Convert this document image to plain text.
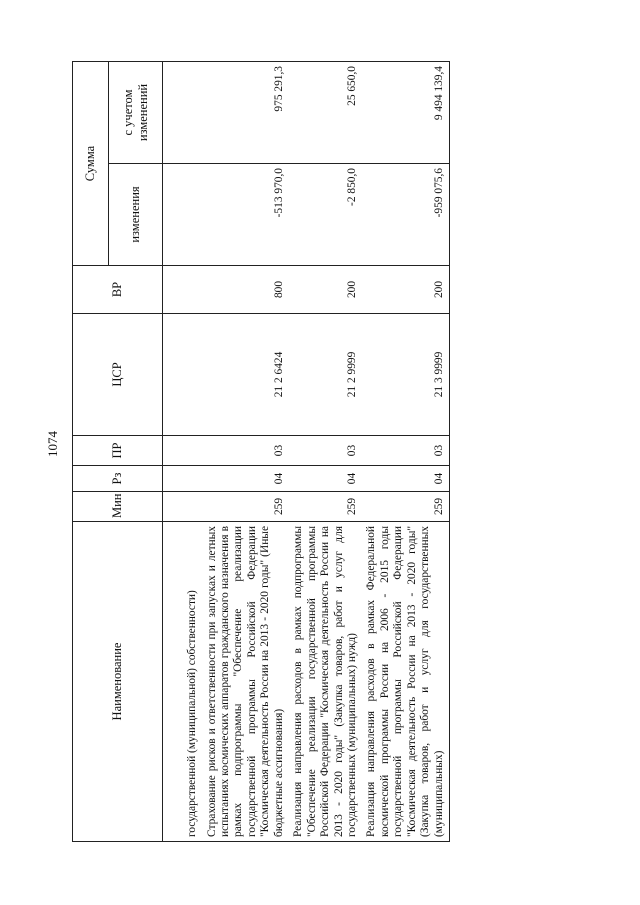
1074
Наименование	Мин	Рз	ПР	ЦСР	ВР	Сумма	
						изменения	с учетом изменений
государственной (муниципальной) собственности)							
Страхование рисков и ответственности при запусках и летных испытаниях космических аппаратов гражданского назначения в рамках подпрограммы "Обеспечение реализации государственной программы Российской Федерации "Космическая деятельность России на 2013 - 2020 годы" (Иные бюджетные ассигнования)	259	04	03	21 2 6424	800	-513 970,0	975 291,3
Реализация направления расходов в рамках подпрограммы "Обеспечение реализации государственной программы Российской Федерации "Космическая деятельность России на 2013 - 2020 годы" (Закупка товаров, работ и услуг для государственных (муниципальных) нужд)	259	04	03	21 2 9999	200	-2 850,0	25 650,0
Реализация направления расходов в рамках Федеральной космической программы России на 2006 - 2015 годы государственной программы Российской Федерации "Космическая деятельность России на 2013 - 2020 годы" (Закупка товаров, работ и услуг для государственных (муниципальных)	259	04	03	21 3 9999	200	-959 075,6	9 494 139,4
